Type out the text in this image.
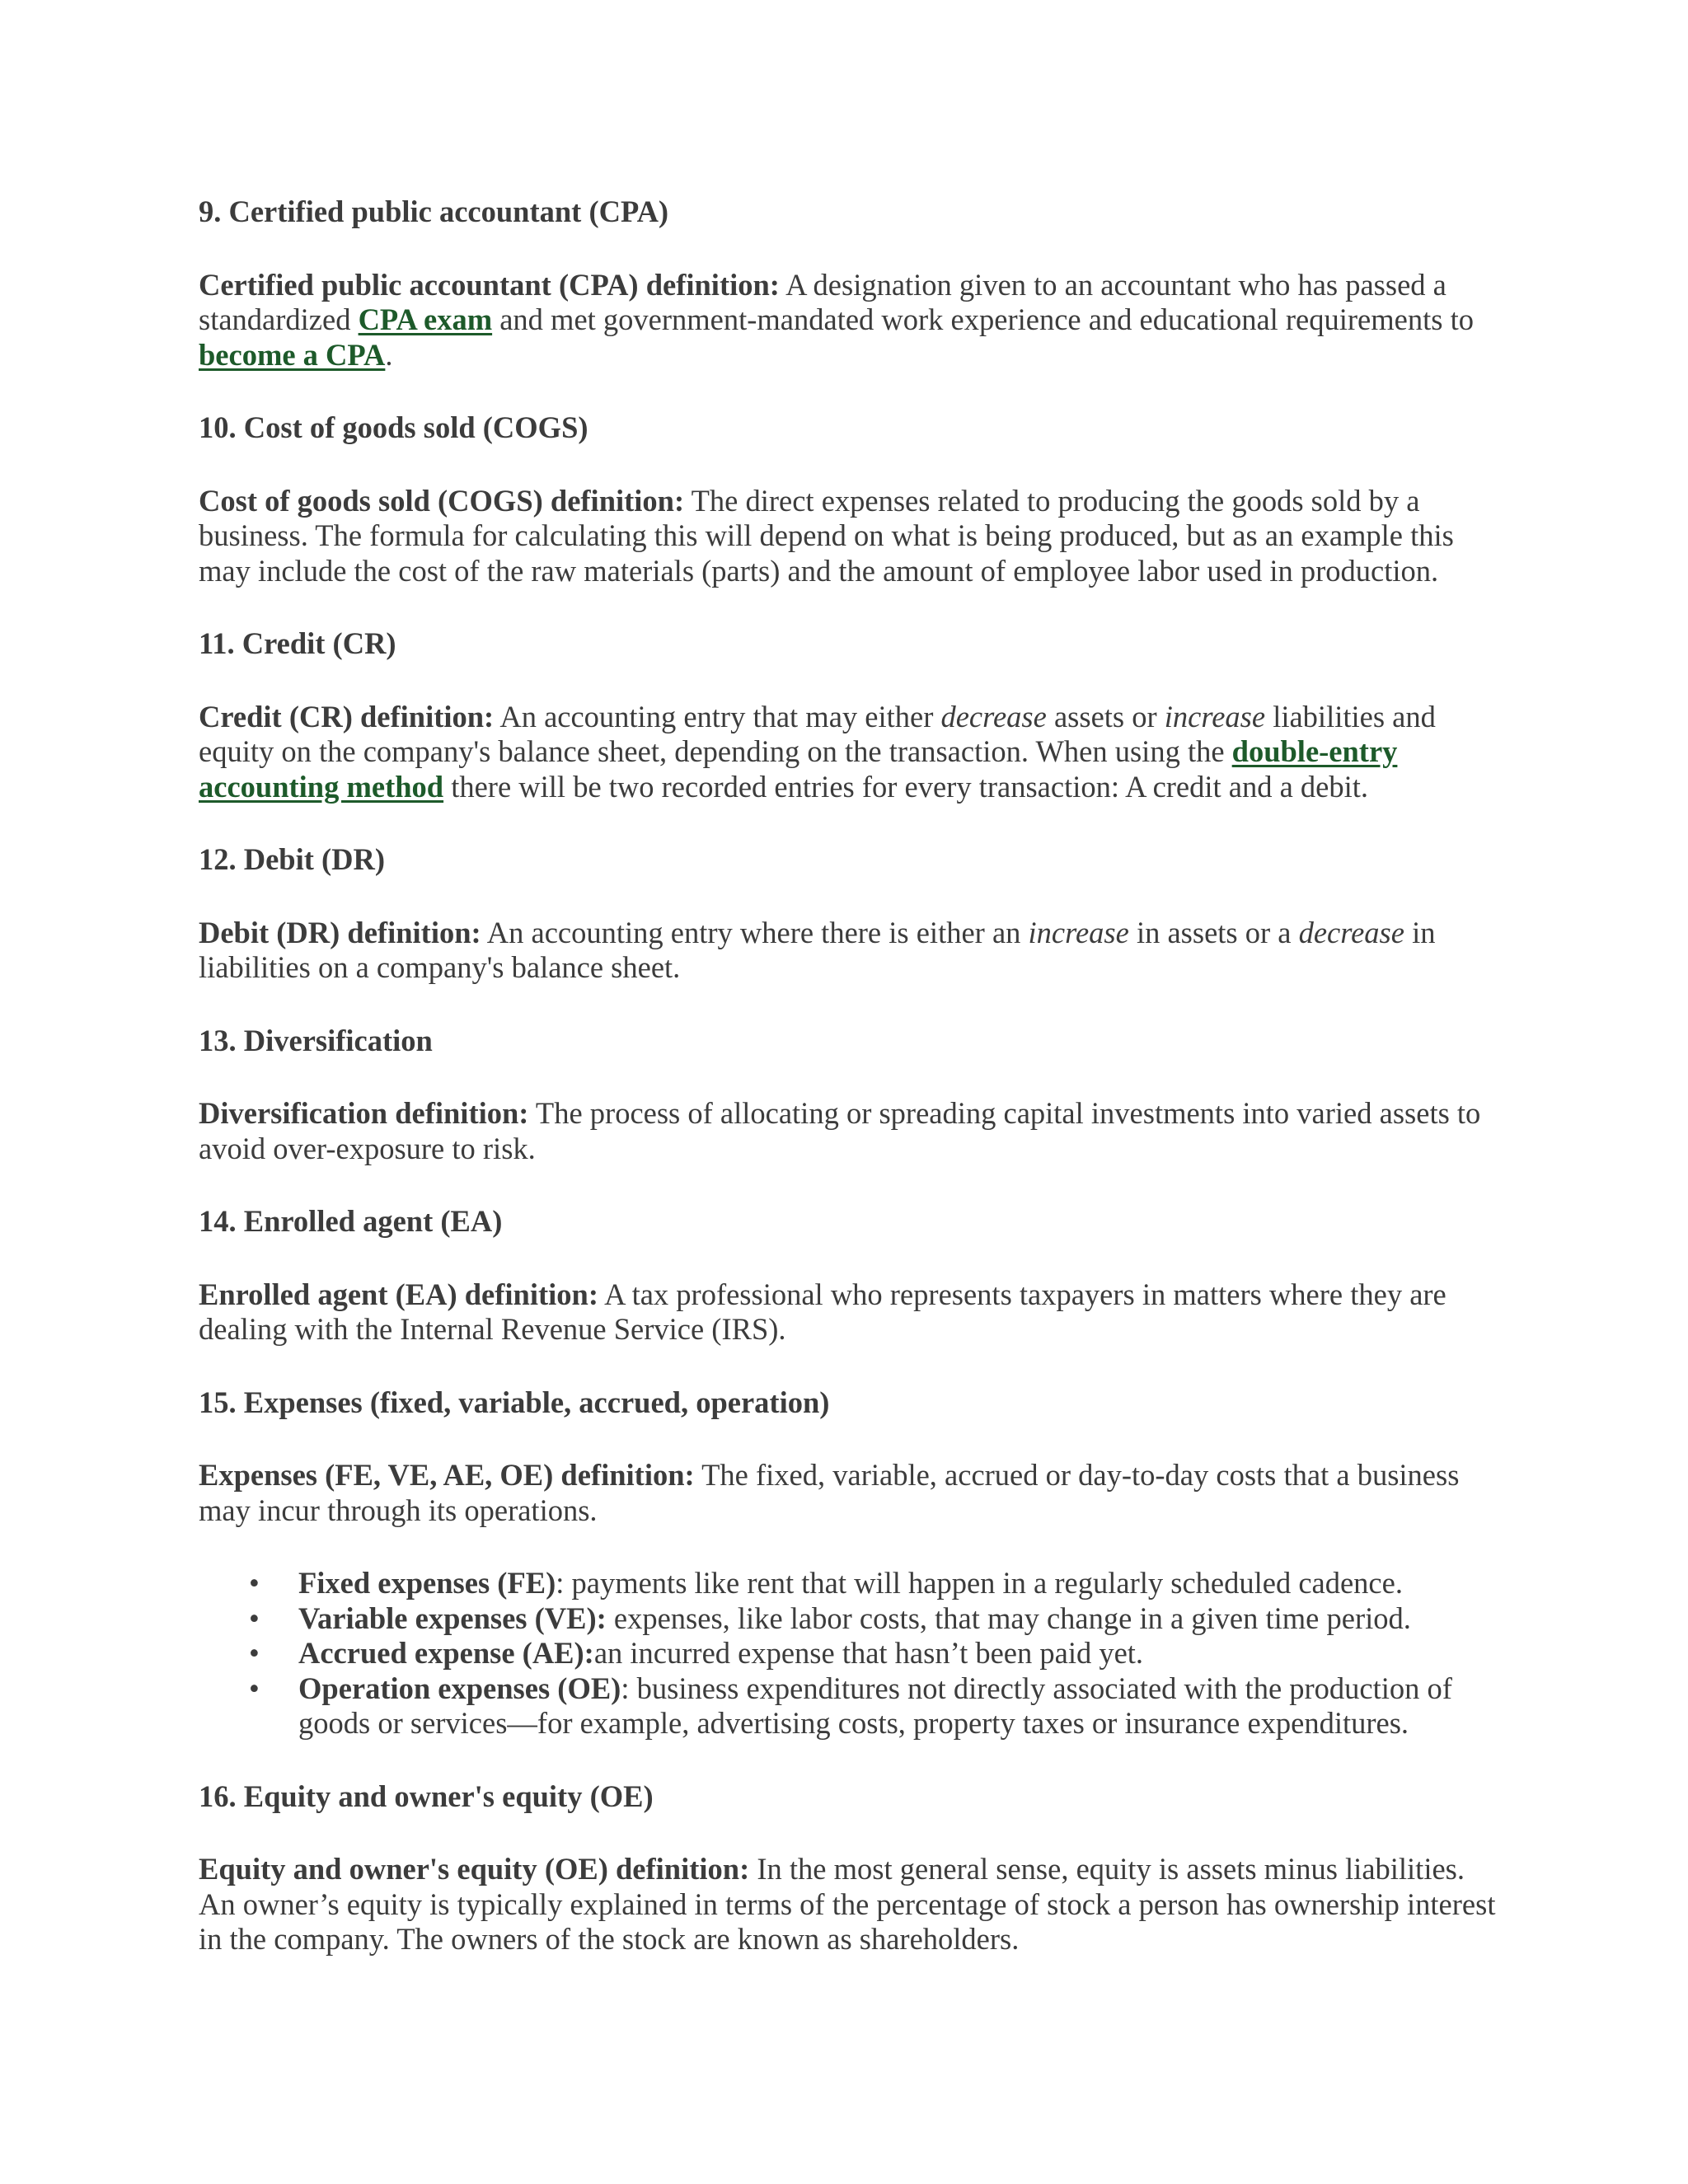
9. Certified public accountant (CPA)

Certified public accountant (CPA) definition: A designation given to an accountant who has passed a standardized CPA exam and met government-mandated work experience and educational requirements to become a CPA.

10. Cost of goods sold (COGS)

Cost of goods sold (COGS) definition: The direct expenses related to producing the goods sold by a business. The formula for calculating this will depend on what is being produced, but as an example this may include the cost of the raw materials (parts) and the amount of employee labor used in production.

11. Credit (CR)

Credit (CR) definition: An accounting entry that may either decrease assets or increase liabilities and equity on the company's balance sheet, depending on the transaction. When using the double-entry accounting method there will be two recorded entries for every transaction: A credit and a debit.

12. Debit (DR)

Debit (DR) definition: An accounting entry where there is either an increase in assets or a decrease in liabilities on a company's balance sheet.

13. Diversification

Diversification definition: The process of allocating or spreading capital investments into varied assets to avoid over-exposure to risk.

14. Enrolled agent (EA)

Enrolled agent (EA) definition: A tax professional who represents taxpayers in matters where they are dealing with the Internal Revenue Service (IRS).

15. Expenses (fixed, variable, accrued, operation)

Expenses (FE, VE, AE, OE) definition: The fixed, variable, accrued or day-to-day costs that a business may incur through its operations.

• Fixed expenses (FE): payments like rent that will happen in a regularly scheduled cadence.
• Variable expenses (VE): expenses, like labor costs, that may change in a given time period.
• Accrued expense (AE):an incurred expense that hasn’t been paid yet.
• Operation expenses (OE): business expenditures not directly associated with the production of goods or services—for example, advertising costs, property taxes or insurance expenditures.

16. Equity and owner's equity (OE)

Equity and owner's equity (OE) definition: In the most general sense, equity is assets minus liabilities. An owner’s equity is typically explained in terms of the percentage of stock a person has ownership interest in the company. The owners of the stock are known as shareholders.
